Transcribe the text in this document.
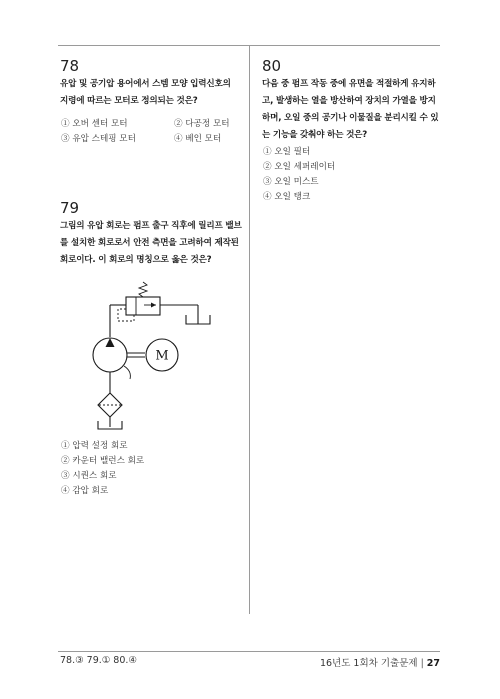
78
유압 및 공기압 용어에서 스템 모양 입력신호의 지령에 따르는 모터로 정의되는 것은?
① 오버 센터 모터	② 다공정 모터
③ 유압 스테핑 모터	④ 베인 모터
79
그림의 유압 회로는 펌프 출구 직후에 릴리프 밸브를 설치한 회로로서 안전 측면을 고려하여 제작된 회로이다. 이 회로의 명칭으로 옳은 것은?
M
① 압력 설정 회로
② 카운터 밸런스 회로
③ 시퀀스 회로
④ 감압 회로
80
다음 중 펌프 작동 중에 유면을 적절하게 유지하고, 발생하는 열을 방산하여 장치의 가열을 방지하며, 오일 중의 공기나 이물질을 분리시킬 수 있는 기능을 갖춰야 하는 것은?
① 오일 필터
② 오일 세퍼레이터
③ 오일 미스트
④ 오일 탱크
78.③ 79.① 80.④	16년도 1회차 기출문제 | 27
